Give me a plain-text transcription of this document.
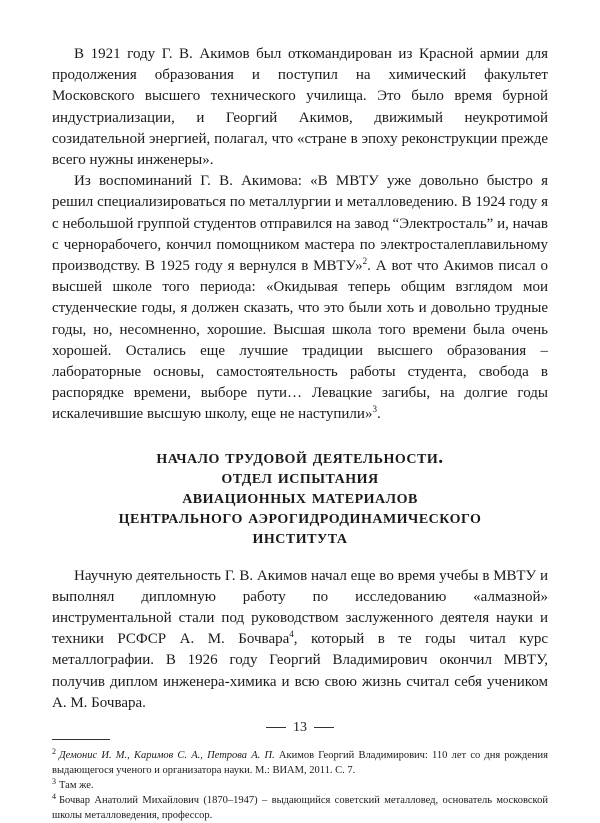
В 1921 году Г. В. Акимов был откомандирован из Красной армии для продолжения образования и поступил на химический факультет Московского высшего технического училища. Это было время бурной индустриализации, и Георгий Акимов, движимый неукротимой созидательной энергией, полагал, что «стране в эпоху реконструкции прежде всего нужны инженеры».

Из воспоминаний Г. В. Акимова: «В МВТУ уже довольно быстро я решил специализироваться по металлургии и металловедению. В 1924 году я с небольшой группой студентов отправился на завод “Электросталь” и, начав с чернорабочего, кончил помощником мастера по электросталеплавильному производству. В 1925 году я вернулся в МВТУ»$^2$. А вот что Акимов писал о высшей школе того периода: «Окидывая теперь общим взглядом мои студенческие годы, я должен сказать, что это были хоть и довольно трудные годы, но, несомненно, хорошие. Высшая школа того времени была очень хорошей. Остались еще лучшие традиции высшего образования – лабораторные основы, самостоятельность работы студента, свобода в распорядке времени, выборе пути… Левацкие загибы, на долгие годы искалечившие высшую школу, еще не наступили»$^3$.

начало трудовой деятельности.
отдел испытания
авиационных материалов
центрального аэрогидродинамического
института

Научную деятельность Г. В. Акимов начал еще во время учебы в МВТУ и выполнял дипломную работу по исследованию «алмазной» инструментальной стали под руководством заслуженного деятеля науки и техники РСФСР А. М. Бочвара$^4$, который в те годы читал курс металлографии. В 1926 году Георгий Владимирович окончил МВТУ, получив диплом инженера-химика и всю свою жизнь считал себя учеником А. М. Бочвара.

$^2$ Демонис И. М., Каримов С. А., Петрова А. П. Акимов Георгий Владимирович: 110 лет со дня рождения выдающегося ученого и организатора науки. М.: ВИАМ, 2011. С. 7.

$^3$ Там же.

$^4$ Бочвар Анатолий Михайлович (1870–1947) – выдающийся советский металловед, основатель московской школы металловедения, профессор.

13
